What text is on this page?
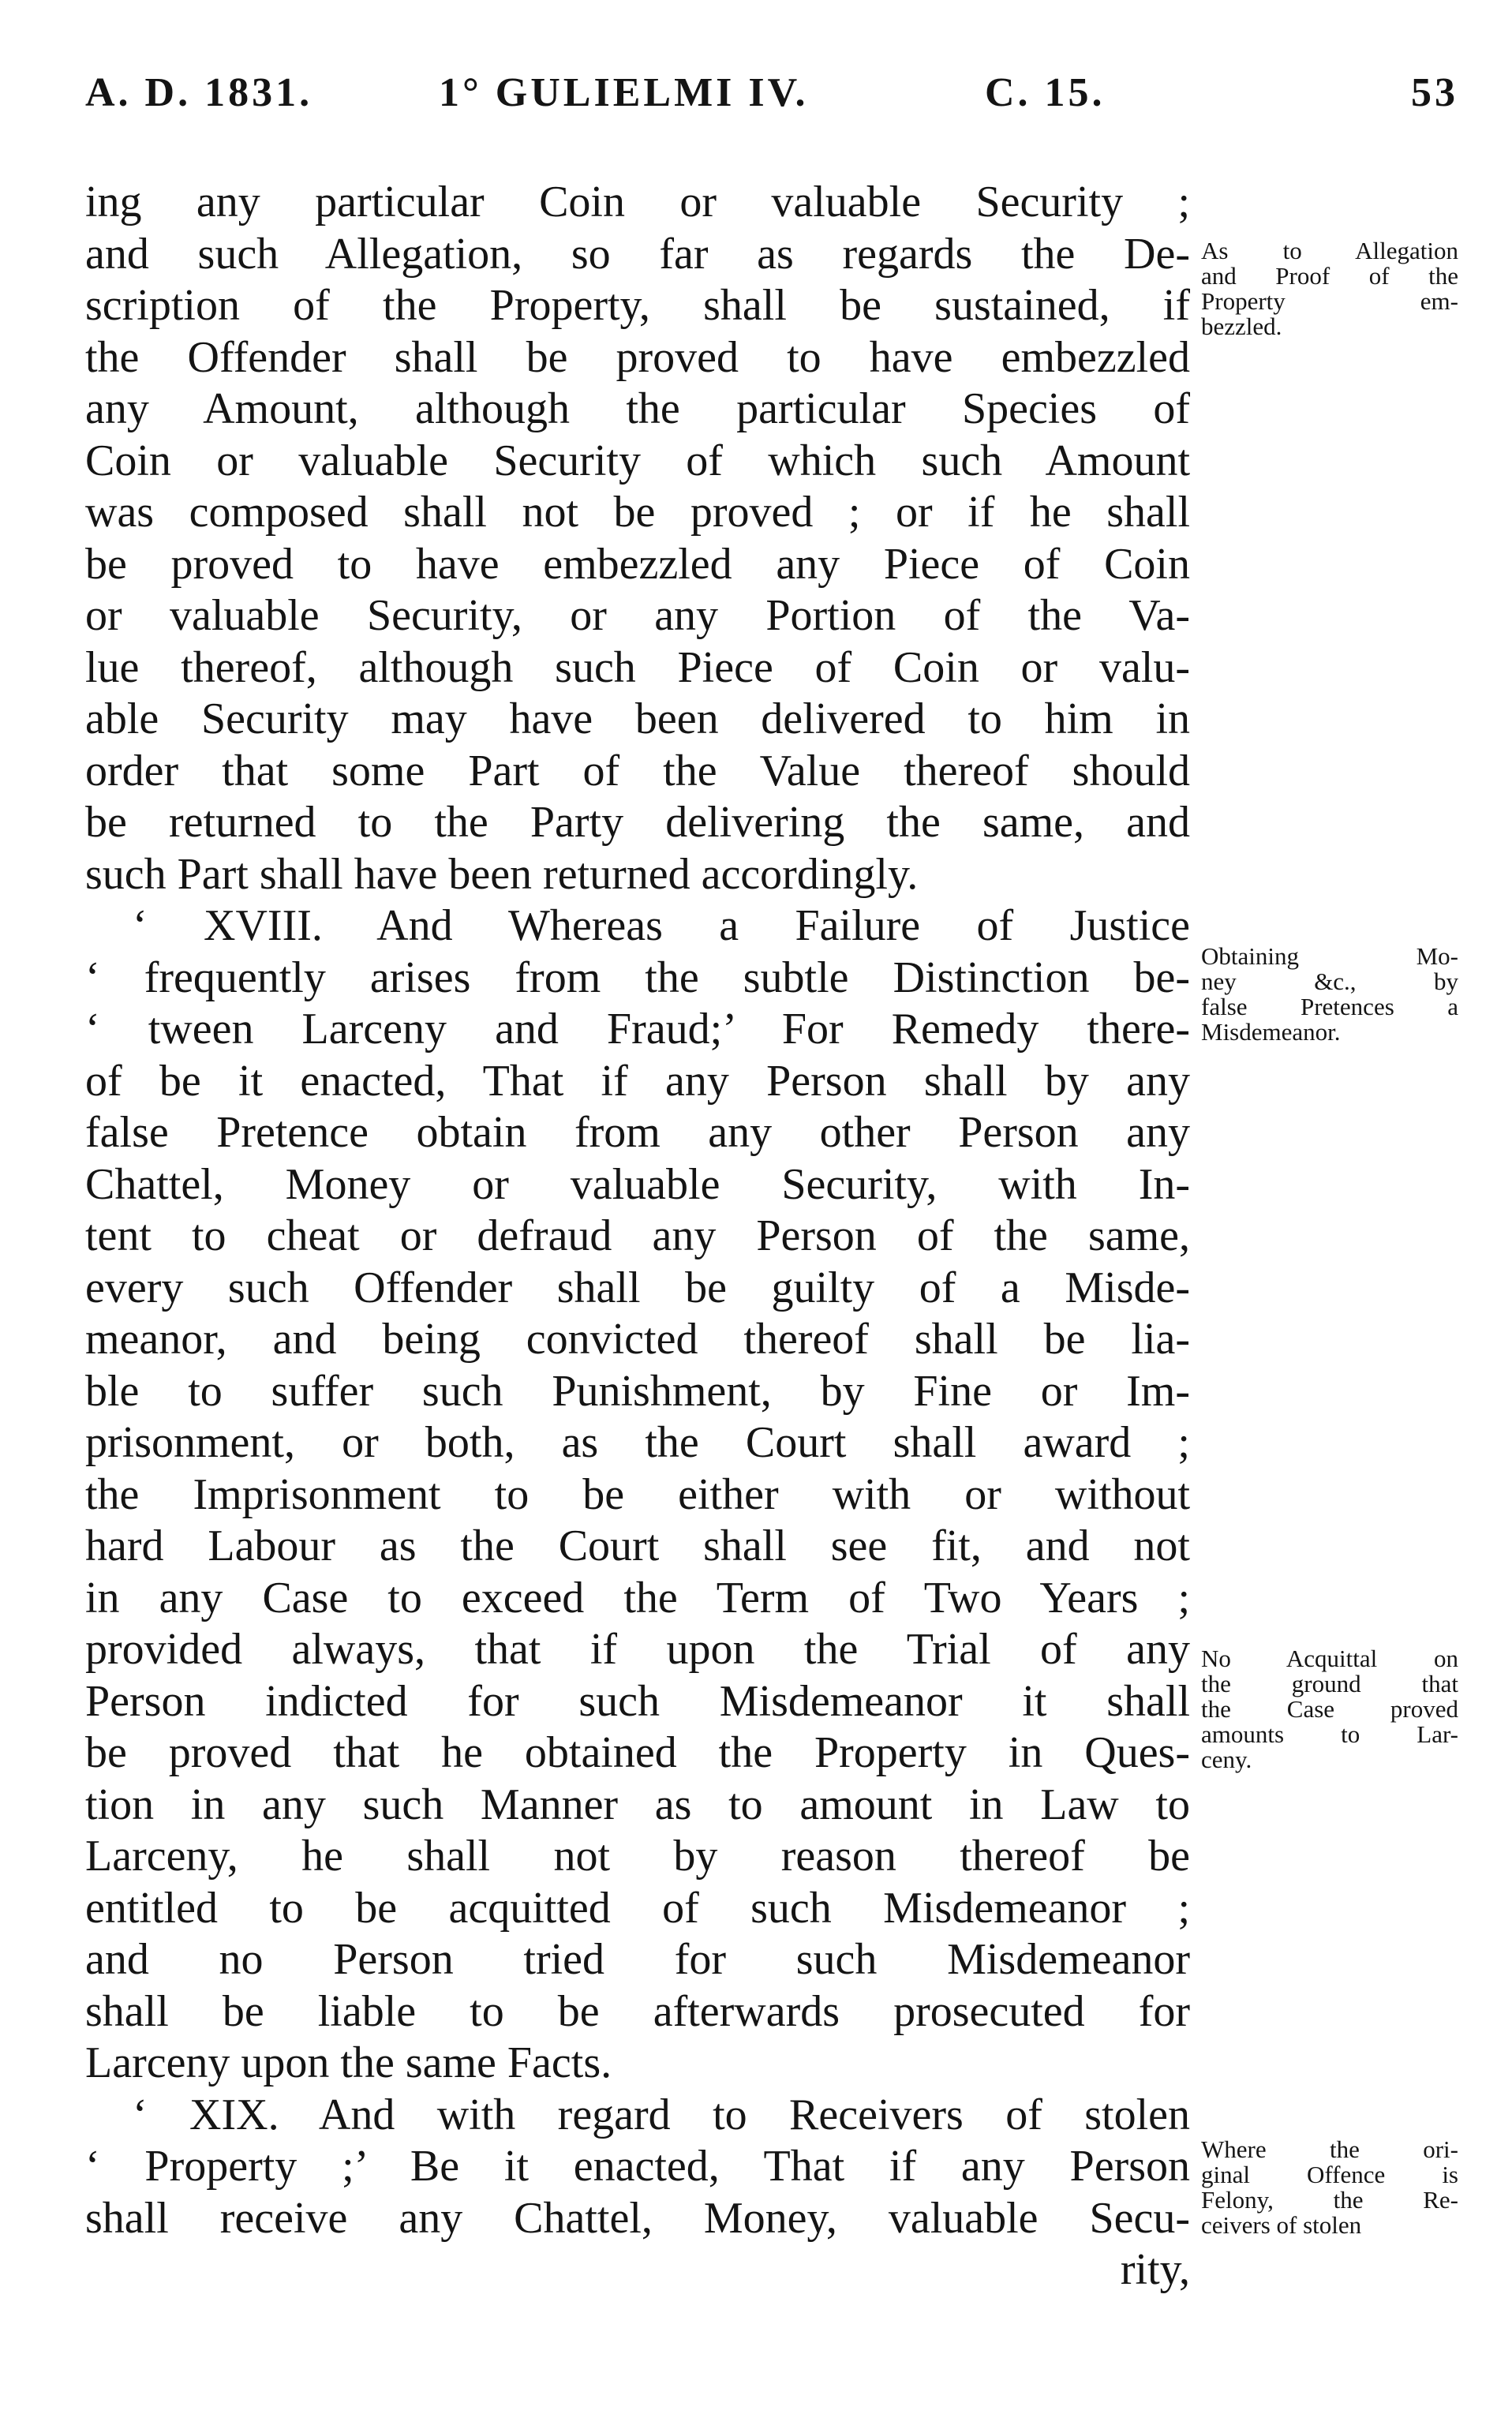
A. D. 1831.	1° GULIELMI IV.	C. 15.	53
ing any particular Coin or valuable Security ;
and such Allegation, so far as regards the De-
scription of the Property, shall be sustained, if
the Offender shall be proved to have embezzled
any Amount, although the particular Species of
Coin or valuable Security of which such Amount
was composed shall not be proved ; or if he shall
be proved to have embezzled any Piece of Coin
or valuable Security, or any Portion of the Va-
lue thereof, although such Piece of Coin or valu-
able Security may have been delivered to him in
order that some Part of the Value thereof should
be returned to the Party delivering the same, and
such Part shall have been returned accordingly.
‘ XVIII. And Whereas a Failure of Justice
‘ frequently arises from the subtle Distinction be-
‘ tween Larceny and Fraud;’ For Remedy there-
of be it enacted, That if any Person shall by any
false Pretence obtain from any other Person any
Chattel, Money or valuable Security, with In-
tent to cheat or defraud any Person of the same,
every such Offender shall be guilty of a Misde-
meanor, and being convicted thereof shall be lia-
ble to suffer such Punishment, by Fine or Im-
prisonment, or both, as the Court shall award ;
the Imprisonment to be either with or without
hard Labour as the Court shall see fit, and not
in any Case to exceed the Term of Two Years ;
provided always, that if upon the Trial of any
Person indicted for such Misdemeanor it shall
be proved that he obtained the Property in Ques-
tion in any such Manner as to amount in Law to
Larceny, he shall not by reason thereof be
entitled to be acquitted of such Misdemeanor ;
and no Person tried for such Misdemeanor
shall be liable to be afterwards prosecuted for
Larceny upon the same Facts.
‘ XIX. And with regard to Receivers of stolen
‘ Property ;’ Be it enacted, That if any Person
shall receive any Chattel, Money, valuable Secu-
rity,
As to Allegation
and Proof of the
Property em-
bezzled.
Obtaining Mo-
ney &c., by
false Pretences a
Misdemeanor.
No Acquittal on
the ground that
the Case proved
amounts to Lar-
ceny.
Where the ori-
ginal Offence is
Felony, the Re-
ceivers of stolen
